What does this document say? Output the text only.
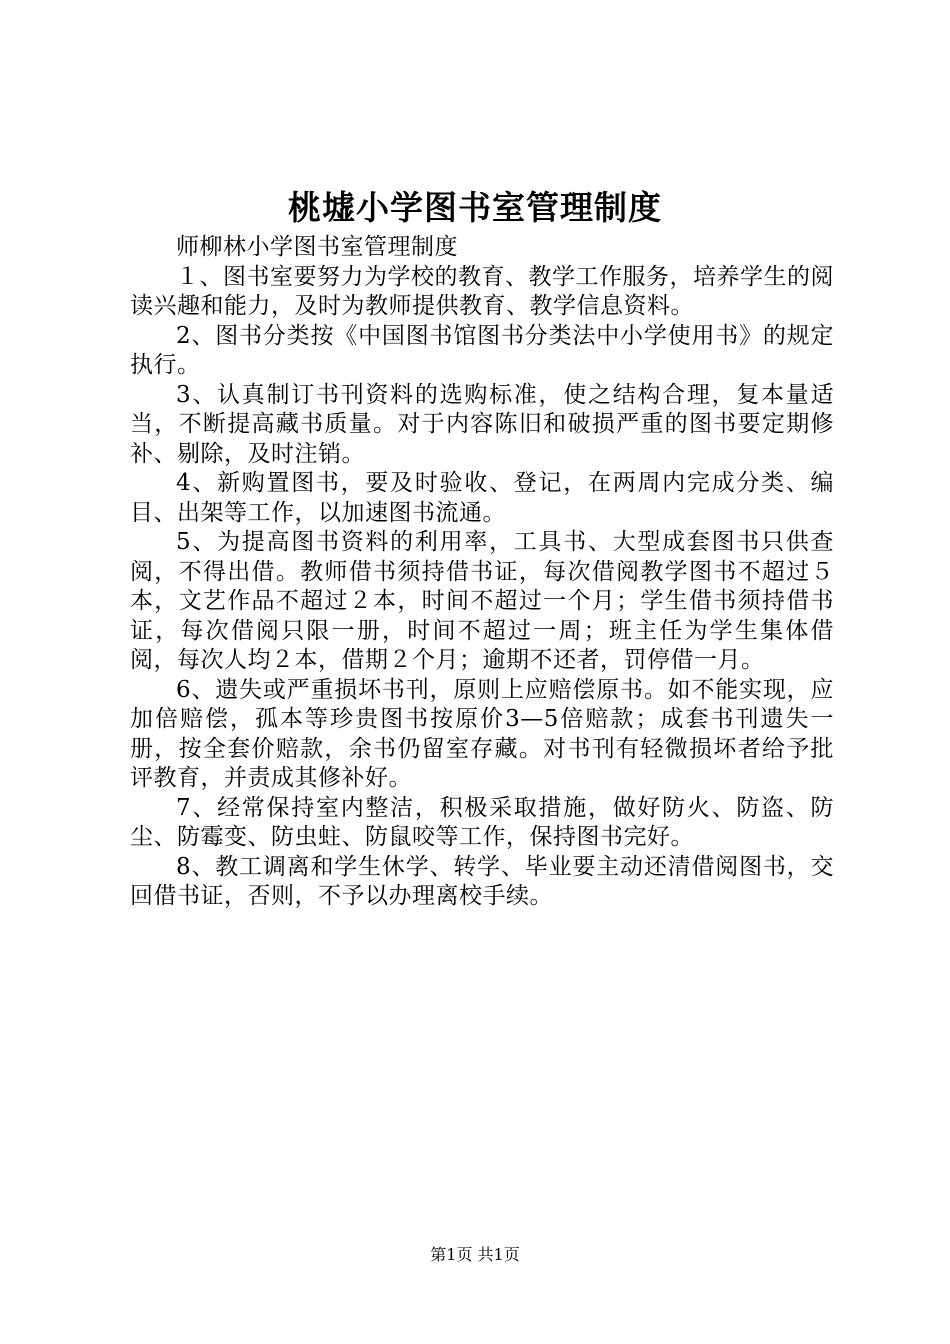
桃墟小学图书室管理制度

师柳林小学图书室管理制度

１、图书室要努力为学校的教育、教学工作服务，培养学生的阅读兴趣和能力，及时为教师提供教育、教学信息资料。

2、图书分类按《中国图书馆图书分类法中小学使用书》的规定执行。

3、认真制订书刊资料的选购标准，使之结构合理，复本量适当，不断提高藏书质量。对于内容陈旧和破损严重的图书要定期修补、剔除，及时注销。

4、新购置图书，要及时验收、登记，在两周内完成分类、编目、出架等工作，以加速图书流通。

5、为提高图书资料的利用率，工具书、大型成套图书只供查阅，不得出借。教师借书须持借书证，每次借阅教学图书不超过５本，文艺作品不超过２本，时间不超过一个月；学生借书须持借书证，每次借阅只限一册，时间不超过一周；班主任为学生集体借阅，每次人均２本，借期２个月；逾期不还者，罚停借一月。

6、遗失或严重损坏书刊，原则上应赔偿原书。如不能实现，应加倍赔偿，孤本等珍贵图书按原价3—5倍赔款；成套书刊遗失一册，按全套价赔款，余书仍留室存藏。对书刊有轻微损坏者给予批评教育，并责成其修补好。

7、经常保持室内整洁，积极采取措施，做好防火、防盗、防尘、防霉变、防虫蛀、防鼠咬等工作，保持图书完好。

8、教工调离和学生休学、转学、毕业要主动还清借阅图书，交回借书证，否则，不予以办理离校手续。

第1页 共1页
